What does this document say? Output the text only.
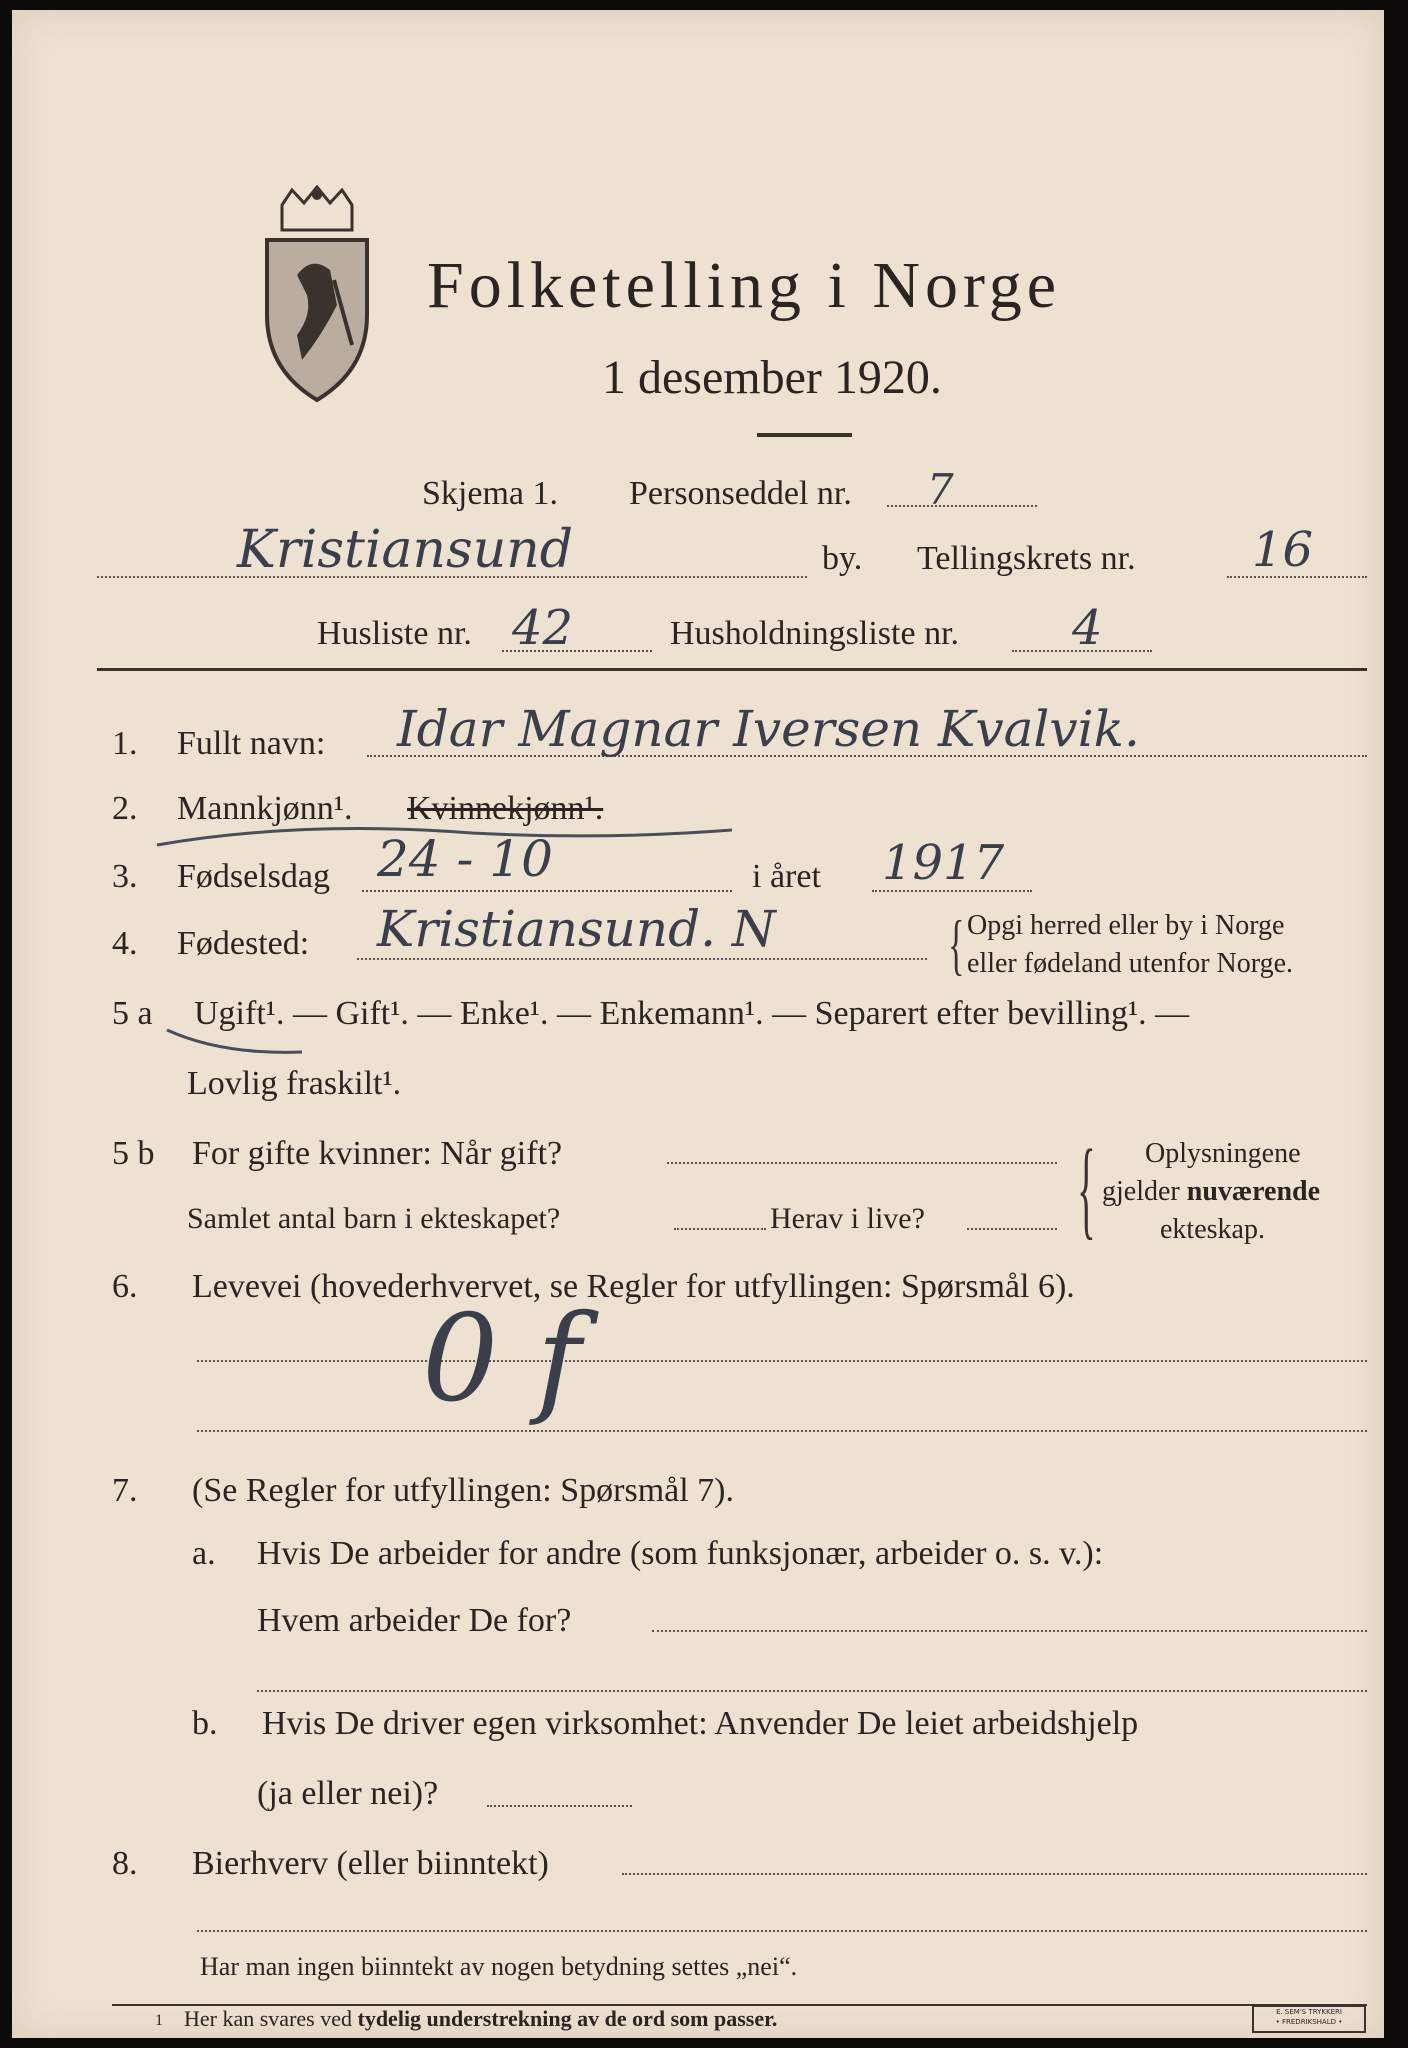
Folketelling i Norge
1 desember 1920.
Skjema 1. Personseddel nr. 7
Kristiansund	by. Tellingskrets nr. 16
Husliste nr. 42	Husholdningsliste nr. 4
1. Fullt navn: Idar Magnar Iversen Kvalvik.
2. Mannkjønn¹. Kvinnekjønn¹.
3. Fødselsdag 24 - 10	i året 1917
4. Fødested: Kristiansund. N	{ Opgi herred eller by i Norge
eller fødeland utenfor Norge.
5 a Ugift¹. — Gift¹. — Enke¹. — Enkemann¹. — Separert efter bevilling¹. —
Lovlig fraskilt¹.
5 b For gifte kvinner: Når gift?
Samlet antal barn i ekteskapet?	Herav i live? { Oplysningene
gjelder nuværende
ekteskap.
6. Levevei (hovederhvervet, se Regler for utfyllingen: Spørsmål 6).
0 f
7. (Se Regler for utfyllingen: Spørsmål 7).
a. Hvis De arbeider for andre (som funksjonær, arbeider o. s. v.):
Hvem arbeider De for?
b. Hvis De driver egen virksomhet: Anvender De leiet arbeidshjelp
(ja eller nei)?
8. Bierhverv (eller biinntekt)
Har man ingen biinntekt av nogen betydning settes „nei“.
1 Her kan svares ved tydelig understrekning av de ord som passer.	E. SEM'S TRYKKERI
• FREDRIKSHALD •
